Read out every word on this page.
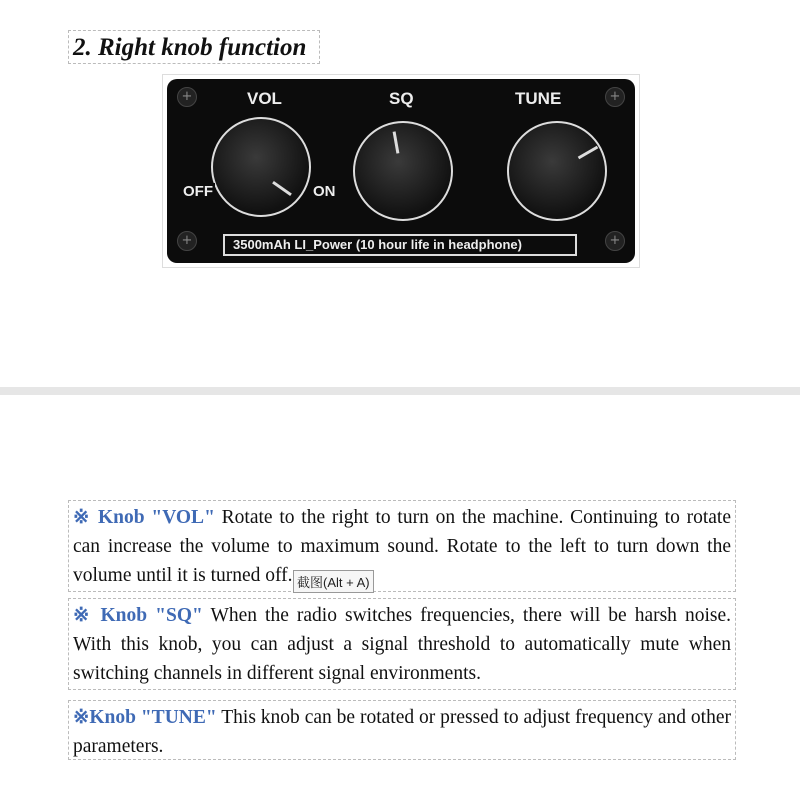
2. Right knob function
+	+
+	+
VOL	SQ	TUNE
OFF	ON
3500mAh LI_Power (10 hour life in headphone)
※ Knob "VOL" Rotate to the right to turn on the machine. Continuing to rotate can increase the volume to maximum sound. Rotate to the left to turn down the volume until it is turned off.
※ Knob "SQ" When the radio switches frequencies, there will be harsh noise. With this knob, you can adjust a signal threshold to automatically mute when switching channels in different signal environments.
※Knob "TUNE" This knob can be rotated or pressed to adjust frequency and other parameters.
截图(Alt + A)
